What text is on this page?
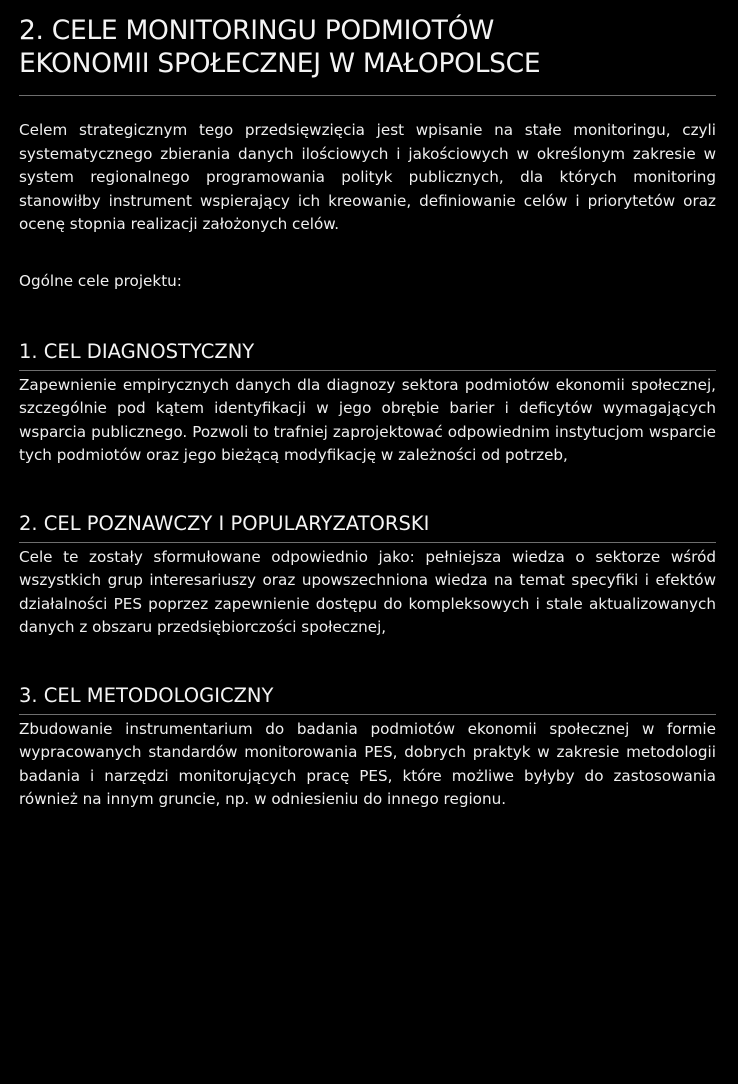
2. CELE MONITORINGU PODMIOTÓW
EKONOMII SPOŁECZNEJ W MAŁOPOLSCE

Celem strategicznym tego przedsięwzięcia jest wpisanie na stałe monitoringu, czyli systematycznego zbierania danych ilościowych i jakościowych w określonym zakresie w system regionalnego programowania polityk publicznych, dla których monitoring stanowiłby instrument wspierający ich kreowanie, definiowanie celów i priorytetów oraz ocenę stopnia realizacji założonych celów.

Ogólne cele projektu:

1. CEL DIAGNOSTYCZNY

Zapewnienie empirycznych danych dla diagnozy sektora podmiotów ekonomii społecznej, szczególnie pod kątem identyfikacji w jego obrębie barier i deficytów wymagających wsparcia publicznego. Pozwoli to trafniej zaprojektować odpowiednim instytucjom wsparcie tych podmiotów oraz jego bieżącą modyfikację w zależności od potrzeb,

2. CEL POZNAWCZY I POPULARYZATORSKI

Cele te zostały sformułowane odpowiednio jako: pełniejsza wiedza o sektorze wśród wszystkich grup interesariuszy oraz upowszechniona wiedza na temat specyfiki i efektów działalności PES poprzez zapewnienie dostępu do kompleksowych i stale aktualizowanych danych z obszaru przedsiębiorczości społecznej,

3. CEL METODOLOGICZNY

Zbudowanie instrumentarium do badania podmiotów ekonomii społecznej w formie wypracowanych standardów monitorowania PES, dobrych praktyk w zakresie metodologii badania i narzędzi monitorujących pracę PES, które możliwe byłyby do zastosowania również na innym gruncie, np. w odniesieniu do innego regionu.
